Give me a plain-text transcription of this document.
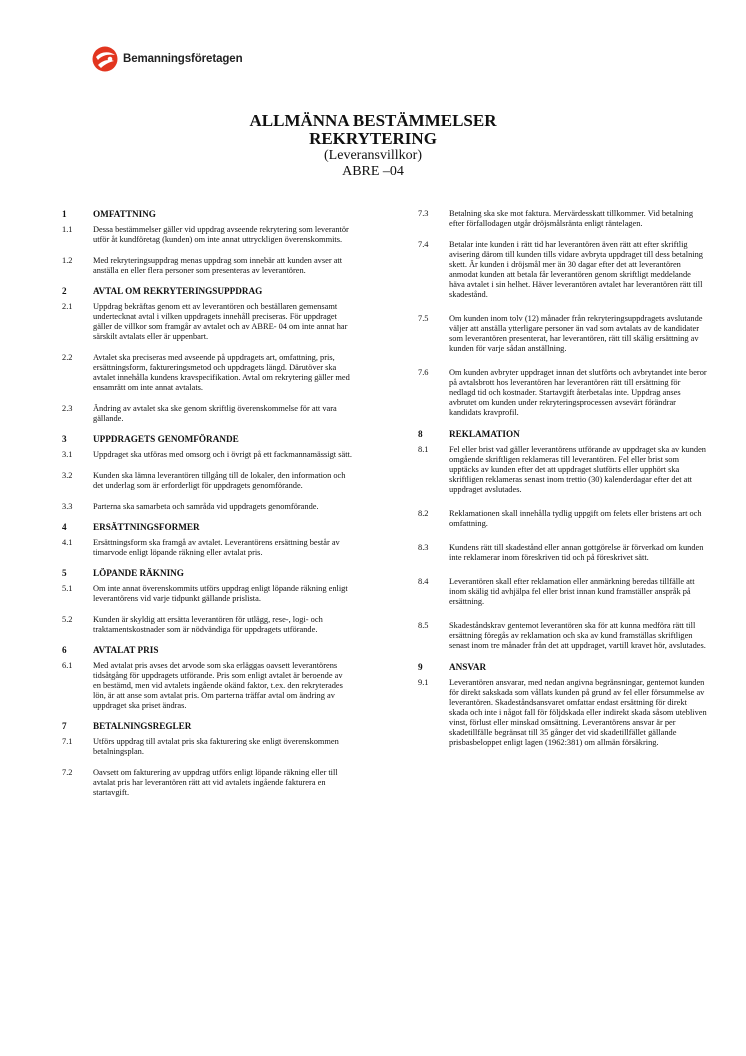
Bemanningsföretagen
ALLMÄNNA BESTÄMMELSER
REKRYTERING
(Leveransvillkor)
ABRE –04
1	OMFATTNING
1.1	Dessa bestämmelser gäller vid uppdrag avseende rekrytering som leverantör utför åt kundföretag (kunden) om inte annat uttryckligen överenskommits.
1.2	Med rekryteringsuppdrag menas uppdrag som innebär att kunden avser att anställa en eller flera personer som presenteras av leverantören.
2	AVTAL OM REKRYTERINGSUPPDRAG
2.1	Uppdrag bekräftas genom ett av leverantören och beställaren gemensamt undertecknat avtal i vilken uppdragets innehåll preciseras. För uppdraget gäller de villkor som framgår av avtalet och av ABRE- 04 om inte annat har särskilt avtalats eller är uppenbart.
2.2	Avtalet ska preciseras med avseende på uppdragets art, omfattning, pris, ersättningsform, faktureringsmetod och uppdragets längd. Därutöver ska avtalet innehålla kundens kravspecifikation. Avtal om rekrytering gäller med ensamrätt om inte annat avtalats.
2.3	Ändring av avtalet ska ske genom skriftlig överenskommelse för att vara gällande.
3	UPPDRAGETS GENOMFÖRANDE
3.1	Uppdraget ska utföras med omsorg och i övrigt på ett fackmannamässigt sätt.
3.2	Kunden ska lämna leverantören tillgång till de lokaler, den information och det underlag som är erforderligt för uppdragets genomförande.
3.3	Parterna ska samarbeta och samråda vid uppdragets genomförande.
4	ERSÄTTNINGSFORMER
4.1	Ersättningsform ska framgå av avtalet. Leverantörens ersättning består av timarvode enligt löpande räkning eller avtalat pris.
5	LÖPANDE RÄKNING
5.1	Om inte annat överenskommits utförs uppdrag enligt löpande räkning enligt leverantörens vid varje tidpunkt gällande prislista.
5.2	Kunden är skyldig att ersätta leverantören för utlägg, rese-, logi- och traktamentskostnader som är nödvändiga för uppdragets utförande.
6	AVTALAT PRIS
6.1	Med avtalat pris avses det arvode som ska erläggas oavsett leverantörens tidsåtgång för uppdragets utförande. Pris som enligt avtalet är beroende av en bestämd, men vid avtalets ingående okänd faktor, t.ex. den rekryterades lön, är att anse som avtalat pris. Om parterna träffar avtal om ändring av uppdraget ska priset ändras.
7	BETALNINGSREGLER
7.1	Utförs uppdrag till avtalat pris ska fakturering ske enligt överenskommen betalningsplan.
7.2	Oavsett om fakturering av uppdrag utförs enligt löpande räkning eller till avtalat pris har leverantören rätt att vid avtalets ingående fakturera en startavgift.
7.3	Betalning ska ske mot faktura. Mervärdesskatt tillkommer. Vid betalning efter förfallodagen utgår dröjsmålsränta enligt räntelagen.
7.4	Betalar inte kunden i rätt tid har leverantören även rätt att efter skriftlig avisering därom till kunden tills vidare avbryta uppdraget till dess betalning skett. Är kunden i dröjsmål mer än 30 dagar efter det att leverantören anmodat kunden att betala får leverantören genom skriftligt meddelande häva avtalet i sin helhet. Häver leverantören avtalet har leverantören rätt till skadestånd.
7.5	Om kunden inom tolv (12) månader från rekryteringsuppdragets avslutande väljer att anställa ytterligare personer än vad som avtalats av de kandidater som leverantören presenterat, har leverantören, rätt till skälig ersättning av kunden för varje sådan anställning.
7.6	Om kunden avbryter uppdraget innan det slutförts och avbrytandet inte beror på avtalsbrott hos leverantören har leverantören rätt till ersättning för nedlagd tid och kostnader. Startavgift återbetalas inte. Uppdrag anses avbrutet om kunden under rekryteringsprocessen avsevärt förändrar kandidats kravprofil.
8	REKLAMATION
8.1	Fel eller brist vad gäller leverantörens utförande av uppdraget ska av kunden omgående skriftligen reklameras till leverantören. Fel eller brist som upptäcks av kunden efter det att uppdraget slutförts eller upphört ska skriftligen reklameras senast inom trettio (30) kalenderdagar efter det att uppdraget avslutades.
8.2	Reklamationen skall innehålla tydlig uppgift om felets eller bristens art och omfattning.
8.3	Kundens rätt till skadestånd eller annan gottgörelse är förverkad om kunden inte reklamerar inom föreskriven tid och på föreskrivet sätt.
8.4	Leverantören skall efter reklamation eller anmärkning beredas tillfälle att inom skälig tid avhjälpa fel eller brist innan kund framställer anspråk på ersättning.
8.5	Skadeståndskrav gentemot leverantören ska för att kunna medföra rätt till ersättning föregås av reklamation och ska av kund framställas skriftligen senast inom tre månader från det att uppdraget, vartill kravet hör, avslutades.
9	ANSVAR
9.1	Leverantören ansvarar, med nedan angivna begränsningar, gentemot kunden för direkt sakskada som vållats kunden på grund av fel eller försummelse av leverantören. Skadeståndsansvaret omfattar endast ersättning för direkt skada och inte i något fall för följdskada eller indirekt skada såsom utebliven vinst, förlust eller minskad omsättning. Leverantörens ansvar är per skadetillfälle begränsat till 35 gånger det vid skadetillfället gällande prisbasbeloppet enligt lagen (1962:381) om allmän försäkring.
